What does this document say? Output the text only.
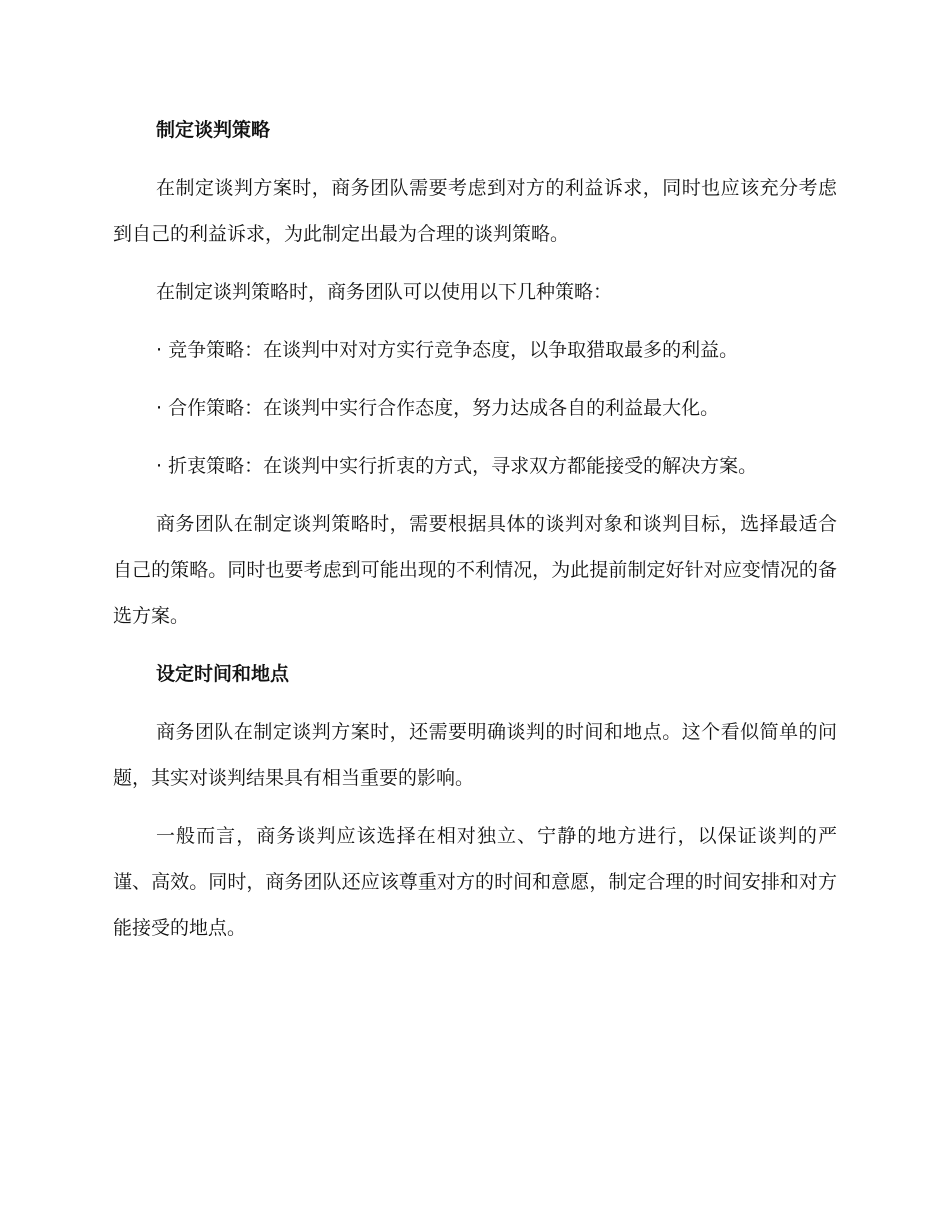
制定谈判策略

在制定谈判方案时，商务团队需要考虑到对方的利益诉求，同时也应该充分考虑到自己的利益诉求，为此制定出最为合理的谈判策略。

在制定谈判策略时，商务团队可以使用以下几种策略：

· 竞争策略：在谈判中对对方实行竞争态度，以争取猎取最多的利益。

· 合作策略：在谈判中实行合作态度，努力达成各自的利益最大化。

· 折衷策略：在谈判中实行折衷的方式，寻求双方都能接受的解决方案。

商务团队在制定谈判策略时，需要根据具体的谈判对象和谈判目标，选择最适合自己的策略。同时也要考虑到可能出现的不利情况，为此提前制定好针对应变情况的备选方案。

设定时间和地点

商务团队在制定谈判方案时，还需要明确谈判的时间和地点。这个看似简单的问题，其实对谈判结果具有相当重要的影响。

一般而言，商务谈判应该选择在相对独立、宁静的地方进行，以保证谈判的严谨、高效。同时，商务团队还应该尊重对方的时间和意愿，制定合理的时间安排和对方能接受的地点。
